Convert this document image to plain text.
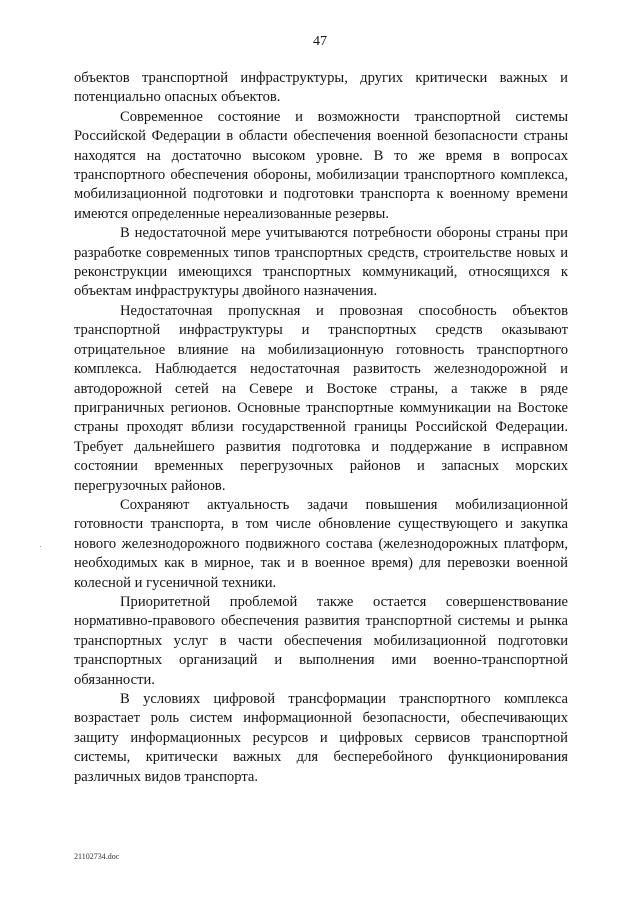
47

объектов транспортной инфраструктуры, других критически важных и потенциально опасных объектов.

Современное состояние и возможности транспортной системы Российской Федерации в области обеспечения военной безопасности страны находятся на достаточно высоком уровне. В то же время в вопросах транспортного обеспечения обороны, мобилизации транспортного комплекса, мобилизационной подготовки и подготовки транспорта к военному времени имеются определенные нереализованные резервы.

В недостаточной мере учитываются потребности обороны страны при разработке современных типов транспортных средств, строительстве новых и реконструкции имеющихся транспортных коммуникаций, относящихся к объектам инфраструктуры двойного назначения.

Недостаточная пропускная и провозная способность объектов транспортной инфраструктуры и транспортных средств оказывают отрицательное влияние на мобилизационную готовность транспортного комплекса. Наблюдается недостаточная развитость железнодорожной и автодорожной сетей на Севере и Востоке страны, а также в ряде приграничных регионов. Основные транспортные коммуникации на Востоке страны проходят вблизи государственной границы Российской Федерации. Требует дальнейшего развития подготовка и поддержание в исправном состоянии временных перегрузочных районов и запасных морских перегрузочных районов.

Сохраняют актуальность задачи повышения мобилизационной готовности транспорта, в том числе обновление существующего и закупка нового железнодорожного подвижного состава (железнодорожных платформ, необходимых как в мирное, так и в военное время) для перевозки военной колесной и гусеничной техники.

Приоритетной проблемой также остается совершенствование нормативно-правового обеспечения развития транспортной системы и рынка транспортных услуг в части обеспечения мобилизационной подготовки транспортных организаций и выполнения ими военно-транспортной обязанности.

В условиях цифровой трансформации транспортного комплекса возрастает роль систем информационной безопасности, обеспечивающих защиту информационных ресурсов и цифровых сервисов транспортной системы, критически важных для бесперебойного функционирования различных видов транспорта.

21102734.doc
